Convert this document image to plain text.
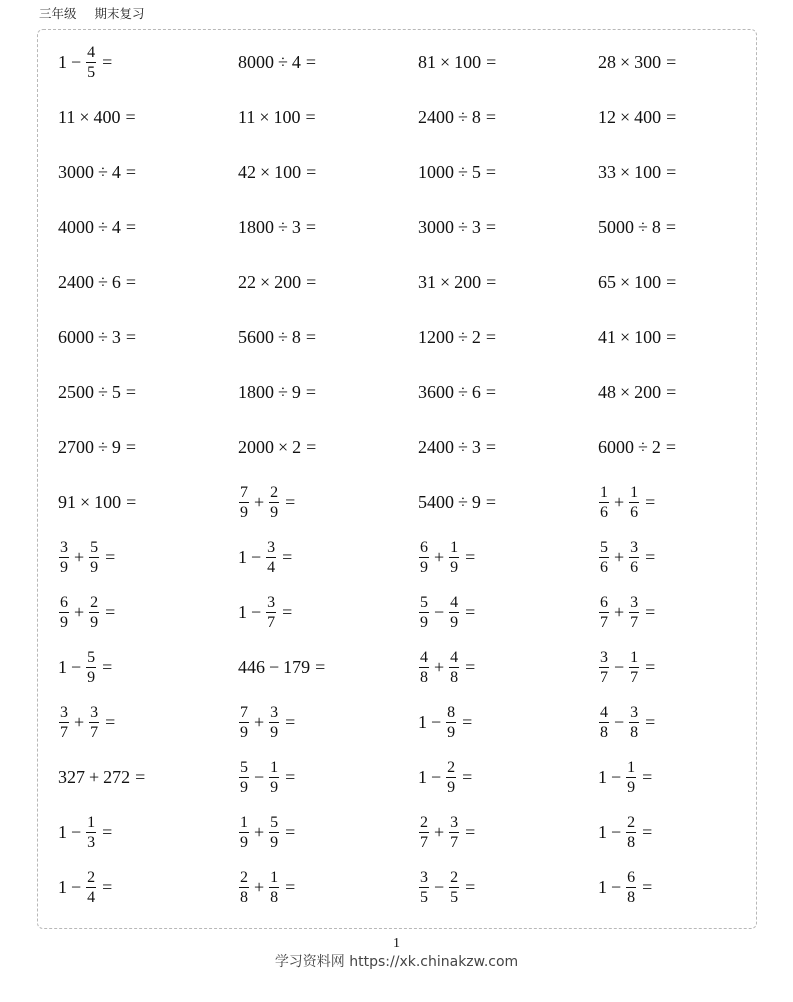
三年级 期末复习
$1 - \frac{4}{5}$ =	8000 ÷ 4 =	81 × 100 =	28 × 300 =
11 × 400 =	11 × 100 =	2400 ÷ 8 =	12 × 400 =
3000 ÷ 4 =	42 × 100 =	1000 ÷ 5 =	33 × 100 =
4000 ÷ 4 =	1800 ÷ 3 =	3000 ÷ 3 =	5000 ÷ 8 =
2400 ÷ 6 =	22 × 200 =	31 × 200 =	65 × 100 =
6000 ÷ 3 =	5600 ÷ 8 =	1200 ÷ 2 =	41 × 100 =
2500 ÷ 5 =	1800 ÷ 9 =	3600 ÷ 6 =	48 × 200 =
2700 ÷ 9 =	2000 × 2 =	2400 ÷ 3 =	6000 ÷ 2 =
91 × 100 =	$\frac{7}{9} + \frac{2}{9}$ =	5400 ÷ 9 =	$\frac{1}{6} + \frac{1}{6}$ =
$\frac{3}{9} + \frac{5}{9}$ =	$1 - \frac{3}{4}$ =	$\frac{6}{9} + \frac{1}{9}$ =	$\frac{5}{6} + \frac{3}{6}$ =
$\frac{6}{9} + \frac{2}{9}$ =	$1 - \frac{3}{7}$ =	$\frac{5}{9} - \frac{4}{9}$ =	$\frac{6}{7} + \frac{3}{7}$ =
$1 - \frac{5}{9}$ =	446 − 179 =	$\frac{4}{8} + \frac{4}{8}$ =	$\frac{3}{7} - \frac{1}{7}$ =
$\frac{3}{7} + \frac{3}{7}$ =	$\frac{7}{9} + \frac{3}{9}$ =	$1 - \frac{8}{9}$ =	$\frac{4}{8} - \frac{3}{8}$ =
327 + 272 =	$\frac{5}{9} - \frac{1}{9}$ =	$1 - \frac{2}{9}$ =	$1 - \frac{1}{9}$ =
$1 - \frac{1}{3}$ =	$\frac{1}{9} + \frac{5}{9}$ =	$\frac{2}{7} + \frac{3}{7}$ =	$1 - \frac{2}{8}$ =
$1 - \frac{2}{4}$ =	$\frac{2}{8} + \frac{1}{8}$ =	$\frac{3}{5} - \frac{2}{5}$ =	$1 - \frac{6}{8}$ =
1
学习资料网 https://xk.chinakzw.com
